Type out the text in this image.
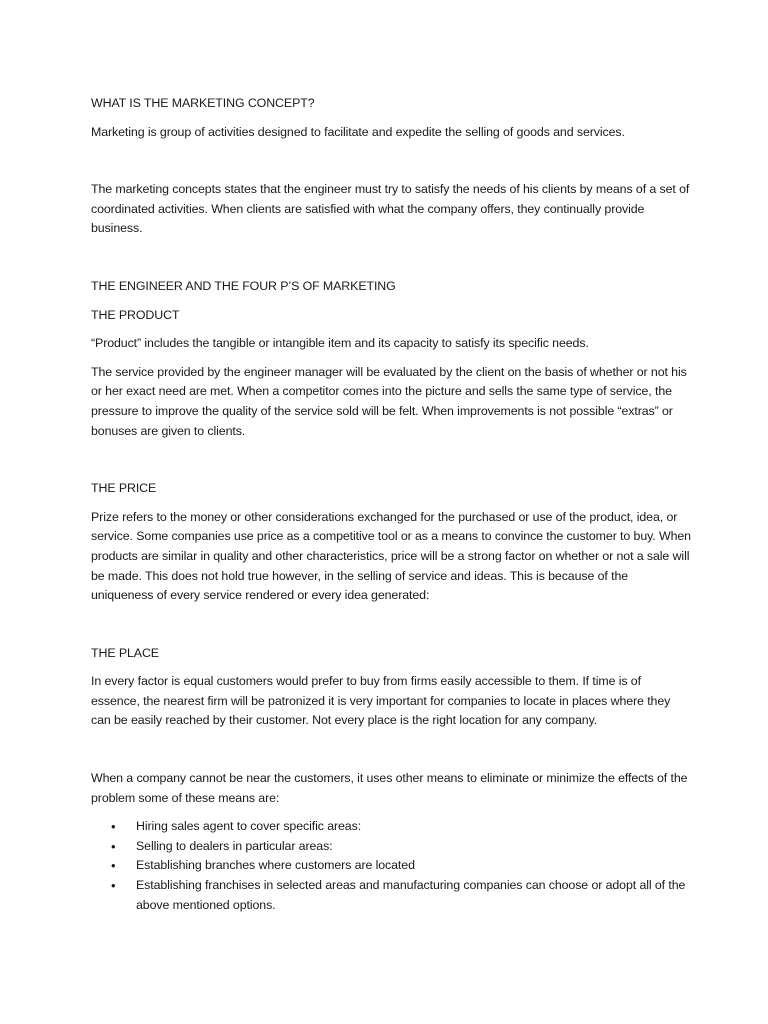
WHAT IS THE MARKETING CONCEPT?

Marketing is group of activities designed to facilitate and expedite the selling of goods and services.

The marketing concepts states that the engineer must try to satisfy the needs of his clients by means of a set of coordinated activities. When clients are satisfied with what the company offers, they continually provide business.

THE ENGINEER AND THE FOUR P’S OF MARKETING

THE PRODUCT

“Product” includes the tangible or intangible item and its capacity to satisfy its specific needs.

The service provided by the engineer manager will be evaluated by the client on the basis of whether or not his or her exact need are met. When a competitor comes into the picture and sells the same type of service, the pressure to improve the quality of the service sold will be felt. When improvements is not possible “extras” or bonuses are given to clients.

THE PRICE

Prize refers to the money or other considerations exchanged for the purchased or use of the product, idea, or service. Some companies use price as a competitive tool or as a means to convince the customer to buy. When products are similar in quality and other characteristics, price will be a strong factor on whether or not a sale will be made. This does not hold true however, in the selling of service and ideas. This is because of the uniqueness of every service rendered or every idea generated:

THE PLACE

In every factor is equal customers would prefer to buy from firms easily accessible to them. If time is of essence, the nearest firm will be patronized it is very important for companies to locate in places where they can be easily reached by their customer. Not every place is the right location for any company.

When a company cannot be near the customers, it uses other means to eliminate or minimize the effects of the problem some of these means are:

• Hiring sales agent to cover specific areas:
• Selling to dealers in particular areas:
• Establishing branches where customers are located
• Establishing franchises in selected areas and manufacturing companies can choose or adopt all of the above mentioned options.
